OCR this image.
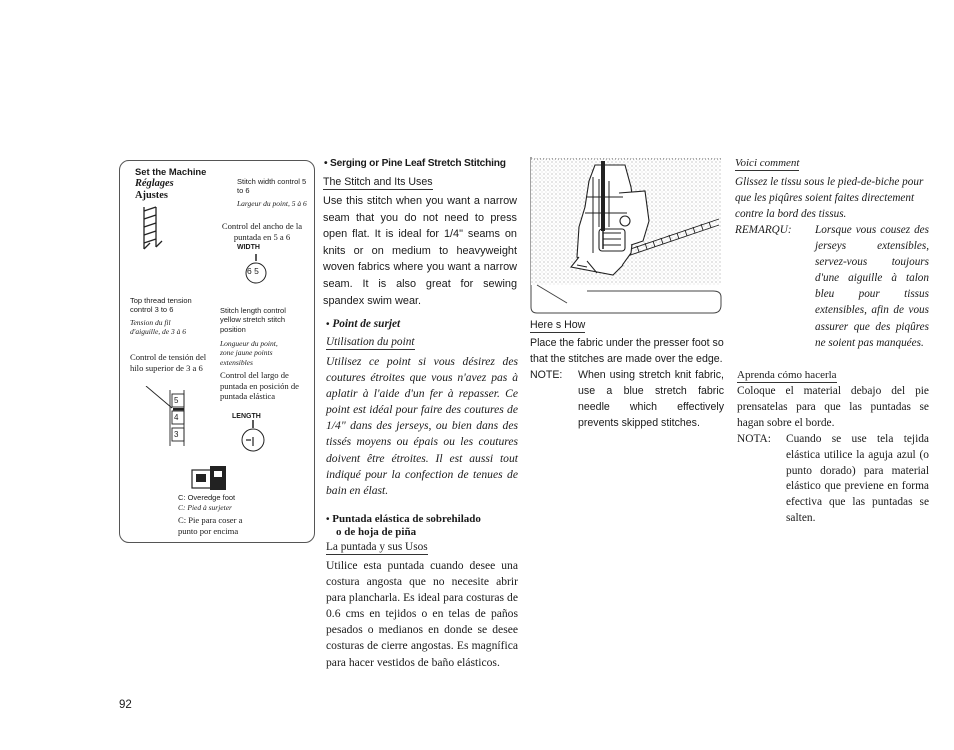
Set the Machine
Réglages
Ajustes
Stitch width control 5 to 6
Largeur du point, 5 à 6
Control del ancho de la puntada en 5 a 6
WIDTH
6 5
Top thread tension control 3 to 6
Tension du fil d'aiguille, de 3 à 6
Control de tensión del hilo superior de 3 a 6
5
4
3
Stitch length control yellow stretch stitch position
Longueur du point, zone jaune points extensibles
Control del largo de puntada en posición de puntada elástica
LENGTH
C: Overedge foot
C: Pied à surjeter
C: Pie para coser a punto por encima
• Serging or Pine Leaf Stretch Stitching
The Stitch and Its Uses

Use this stitch when you want a narrow seam that you do not need to press open flat. It is ideal for 1/4" seams on knits or on medium to heavyweight woven fabrics where you want a narrow seam. It is also great for sewing spandex swim wear.

• Point de surjet
Utilisation du point

Utilisez ce point si vous désirez des coutures étroites que vous n'avez pas à aplatir à l'aide d'un fer à repasser. Ce point est idéal pour faire des coutures de 1/4" dans des jerseys, ou bien dans des tissés moyens ou épais ou les coutures doivent être étroites. Il est aussi tout indiqué pour la confection de tenues de bain en élast.

• Puntada elástica de sobrehilado
o de hoja de piña
La puntada y sus Usos

Utilice esta puntada cuando desee una costura angosta que no necesite abrir para plancharla. Es ideal para costuras de 0.6 cms en tejidos o en telas de paños pesados o medianos en donde se desee costuras de cierre angostas. Es magnífica para hacer vestidos de baño elásticos.

Here s How

Place the fabric under the presser foot so that the stitches are made over the edge.

NOTE: When using stretch knit fabric, use a blue stretch fabric needle which effectively prevents skipped stitches.

Voici comment

Glissez le tissu sous le pied-de-biche pour que les piqûres soient faites directement contre la bord des tissus.

REMARQU: Lorsque vous cousez des jerseys extensibles, servez-vous toujours d'une aiguille à talon bleu pour tissus extensibles, afin de vous assurer que des piqûres ne soient pas manquées.

Aprenda cómo hacerla

Coloque el material debajo del pie prensatelas para que las puntadas se hagan sobre el borde.

NOTA: Cuando se use tela tejida elástica utilice la aguja azul (o punto dorado) para material elástico que previene en forma efectiva que las puntadas se salten.

92
